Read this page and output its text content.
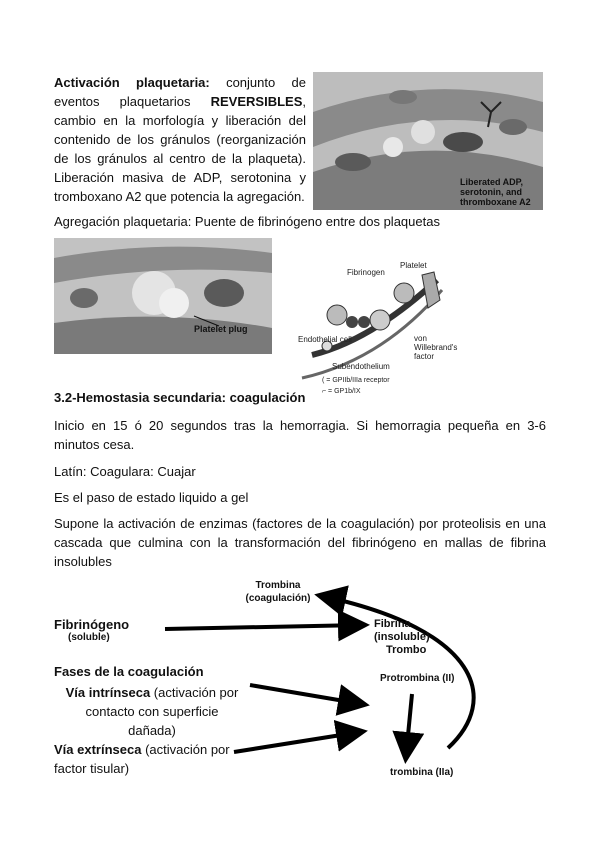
Activación plaquetaria: conjunto de eventos plaquetarios REVERSIBLES, cambio en la morfología y liberación del contenido de los gránulos (reorganización de los gránulos al centro de la plaqueta). Liberación masiva de ADP, serotonina y tromboxano A2 que potencia la agregación.
Liberated ADP, serotonin, and thromboxane A2
Agregación plaquetaria: Puente de fibrinógeno entre dos plaquetas
Platelet plug
Platelet
Fibrinogen
Endothelial cell
Subendothelium
von Willebrand's factor
( = GPIIb/IIIa receptor
⌐ = GP1b/IX
3.2-Hemostasia secundaria: coagulación
Inicio en 15 ó 20 segundos tras la hemorragia. Si hemorragia pequeña en 3-6 minutos cesa.
Latín: Coagulara: Cuajar
Es el paso de estado liquido a gel
Supone la activación de enzimas (factores de la coagulación) por proteolisis en una cascada que culmina con la transformación del fibrinógeno en mallas de fibrina insolubles
Trombina
(coagulación)
Fibrinógeno
(soluble)
Fibrina
(insoluble)
Trombo
Fases de la coagulación
Vía intrínseca (activación por contacto con superficie dañada)
Vía extrínseca (activación por factor tisular)
Protrombina (II)
trombina (IIa)
